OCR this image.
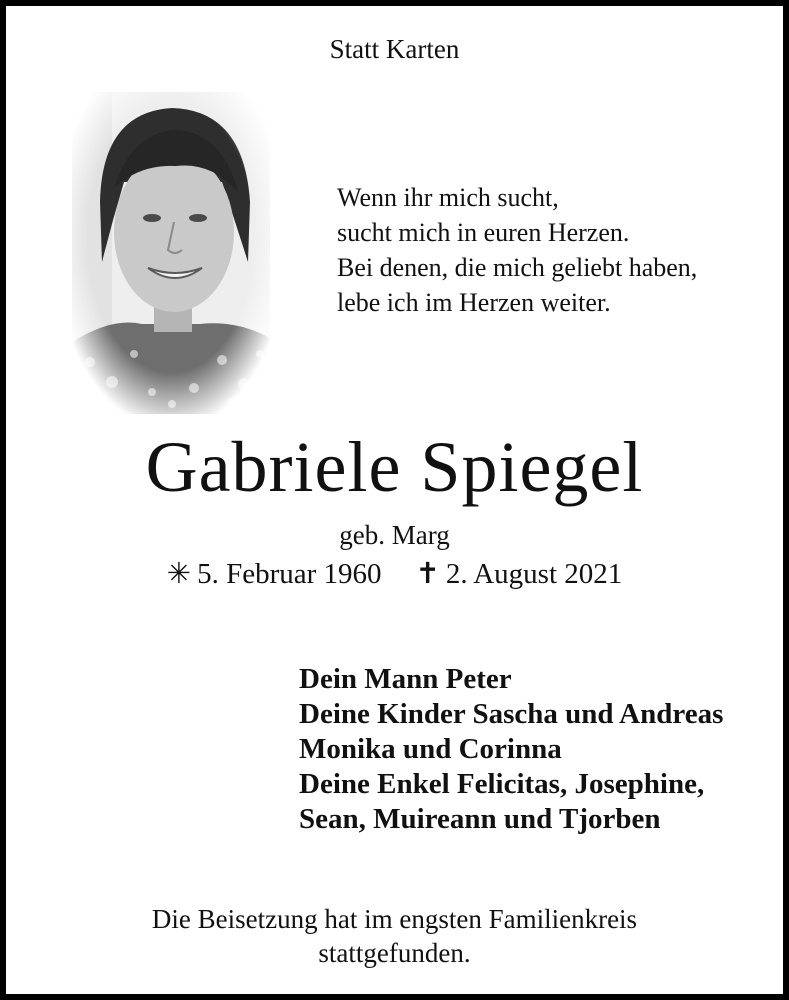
Statt Karten
Wenn ihr mich sucht,
sucht mich in euren Herzen.
Bei denen, die mich geliebt haben,
lebe ich im Herzen weiter.
Gabriele Spiegel
geb. Marg
✳ 5. Februar 1960 ✝ 2. August 2021
Dein Mann Peter
Deine Kinder Sascha und Andreas
Monika und Corinna
Deine Enkel Felicitas, Josephine,
Sean, Muireann und Tjorben
Die Beisetzung hat im engsten Familienkreis
stattgefunden.
